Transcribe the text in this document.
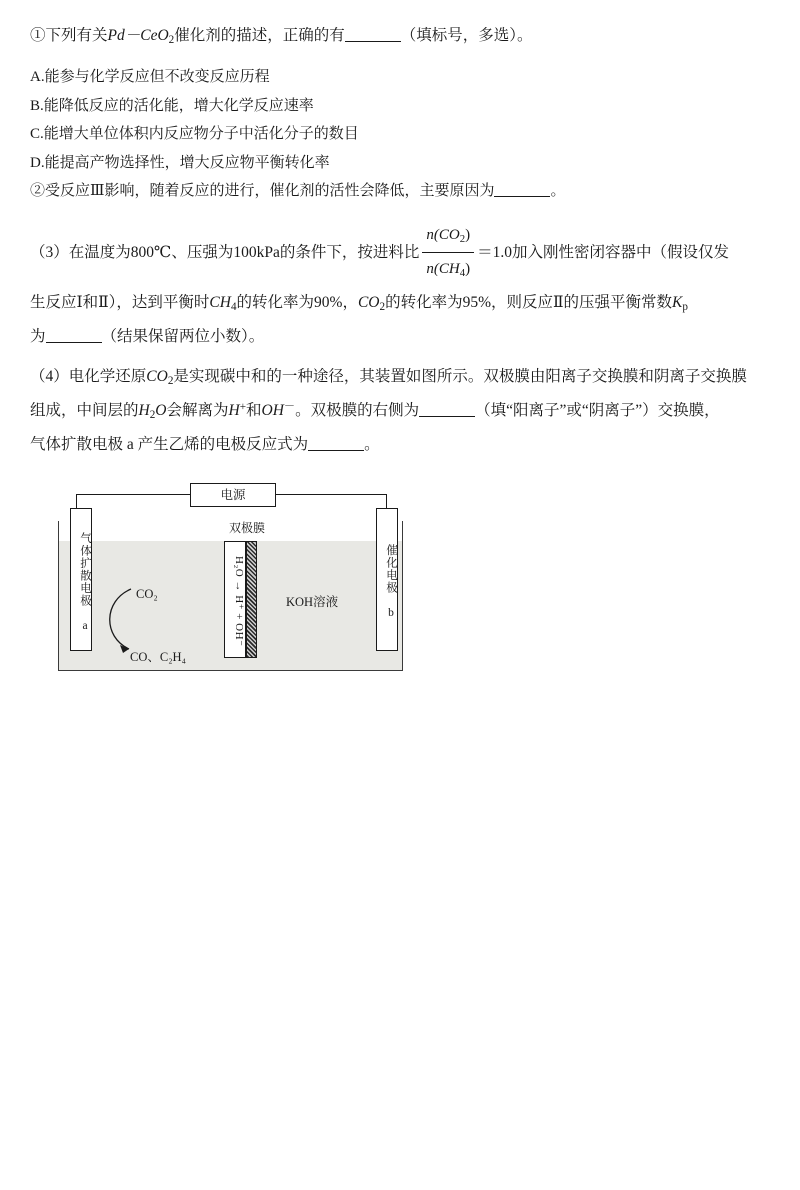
①下列有关Pd－CeO$_2$催化剂的描述，正确的有	（填标号，多选）。

A.能参与化学反应但不改变反应历程

B.能降低反应的活化能，增大化学反应速率

C.能增大单位体积内反应物分子中活化分子的数目

D.能提高产物选择性，增大反应物平衡转化率

②受反应Ⅲ影响，随着反应的进行，催化剂的活性会降低，主要原因为	。

（3）在温度为800℃、压强为100kPa的条件下，按进料比 $\frac{n(CO_2)}{n(CH_4)} =1.0$加入刚性密闭容器中（假设仅发

生反应Ⅰ和Ⅱ），达到平衡时$CH_4$的转化率为90%，$CO_2$的转化率为95%，则反应Ⅱ的压强平衡常数$K_p$

为	（结果保留两位小数）。

（4）电化学还原$CO_2$是实现碳中和的一种途径，其装置如图所示。双极膜由阳离子交换膜和阴离子交换膜

组成，中间层的$H_2O$会解离为H+和OH－。双极膜的右侧为	（填“阳离子”或“阴离子”）交换膜，

气体扩散电极 a 产生乙烯的电极反应式为	。

电源
气体扩散电极 a	催化电极 b
双极膜
H₂O → H⁺ + OH⁻	KOH溶液
CO₂
CO、C₂H₄
